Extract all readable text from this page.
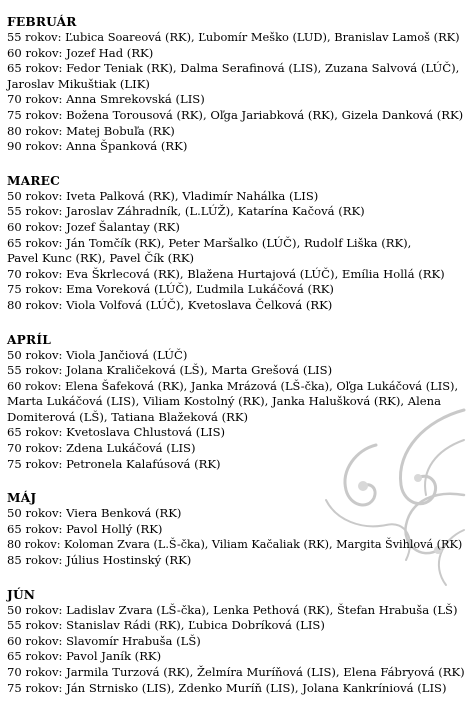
FEBRUÁR
55 rokov: Ľubica Soareová (RK), Ľubomír Meško (LUD), Branislav Lamoš (RK)
60 rokov: Jozef Had (RK)
65 rokov: Fedor Teniak (RK), Dalma Serafinová (LIS), Zuzana Salvová (LÚČ),
Jaroslav Mikuštiak (LIK)
70 rokov: Anna Smrekovská (LIS)
75 rokov: Božena Torousová (RK), Oľga Jariabková (RK), Gizela Danková (RK)
80 rokov: Matej Bobuľa (RK)
90 rokov: Anna Španková (RK)
MAREC
50 rokov: Iveta Palková (RK), Vladimír Nahálka (LIS)
55 rokov: Jaroslav Záhradník, (L.LÚŽ), Katarína Kačová (RK)
60 rokov: Jozef Šalantay (RK)
65 rokov: Ján Tomčík (RK), Peter Maršalko (LÚČ), Rudolf Liška (RK),
Pavel Kunc (RK), Pavel Čík (RK)
70 rokov: Eva Škrlecová (RK), Blažena Hurtajová (LÚČ), Emília Hollá (RK)
75 rokov: Ema Voreková (LÚČ), Ľudmila Lukáčová (RK)
80 rokov: Viola Volfová (LÚČ), Kvetoslava Čelková (RK)
APRÍL
50 rokov: Viola Jančiová (LÚČ)
55 rokov: Jolana Kraličeková (LŠ), Marta Grešová (LIS)
60 rokov: Elena Šafeková (RK), Janka Mrázová (LŠ-čka), Oľga Lukáčová (LIS),
Marta Lukáčová (LIS), Viliam Kostolný (RK), Janka Halušková (RK), Alena
Domiterová (LŠ), Tatiana Blažeková (RK)
65 rokov: Kvetoslava Chlustová (LIS)
70 rokov: Zdena Lukáčová (LIS)
75 rokov: Petronela Kalafúsová (RK)
MÁJ
50 rokov: Viera Benková (RK)
65 rokov: Pavol Hollý (RK)
80 rokov: Koloman Zvara (L.Š-čka), Viliam Kačaliak (RK), Margita Švihlová (RK)
85 rokov: Július Hostinský (RK)
JÚN
50 rokov: Ladislav Zvara (LŠ-čka), Lenka Pethová (RK), Štefan Hrabuša (LŠ)
55 rokov: Stanislav Rádi (RK), Ľubica Dobríková (LIS)
60 rokov: Slavomír Hrabuša (LŠ)
65 rokov: Pavol Janík (RK)
70 rokov: Jarmila Turzová (RK), Želmíra Muríňová (LIS), Elena Fábryová (RK)
75 rokov: Ján Strnisko (LIS), Zdenko Muríň (LIS), Jolana Kankríniová (LIS)
